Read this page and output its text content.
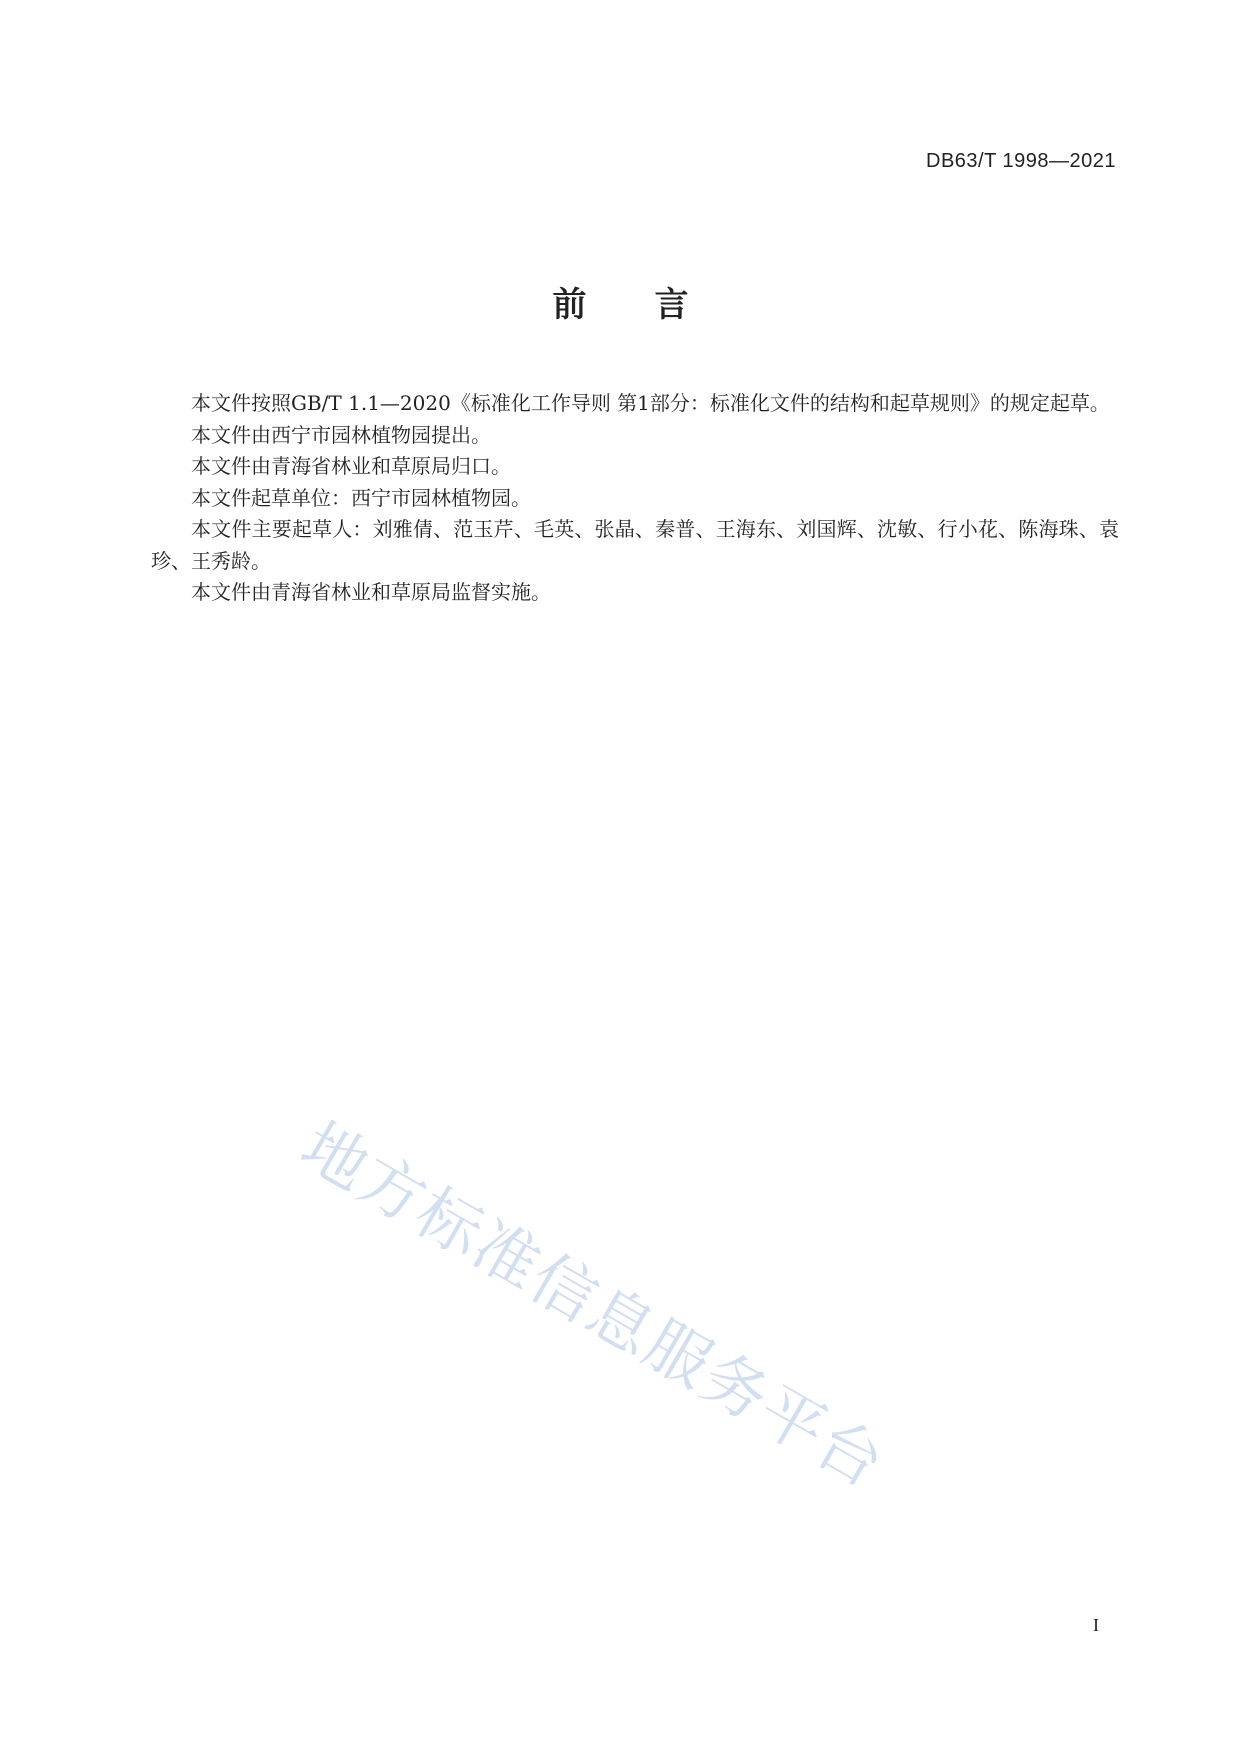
DB63/T 1998—2021
前 言

本文件按照GB/T 1.1—2020《标准化工作导则 第1部分：标准化文件的结构和起草规则》的规定起草。

本文件由西宁市园林植物园提出。

本文件由青海省林业和草原局归口。

本文件起草单位：西宁市园林植物园。

本文件主要起草人：刘雅倩、范玉芹、毛英、张晶、秦普、王海东、刘国辉、沈敏、行小花、陈海珠、袁珍、王秀龄。

本文件由青海省林业和草原局监督实施。

地方标准信息服务平台
I
